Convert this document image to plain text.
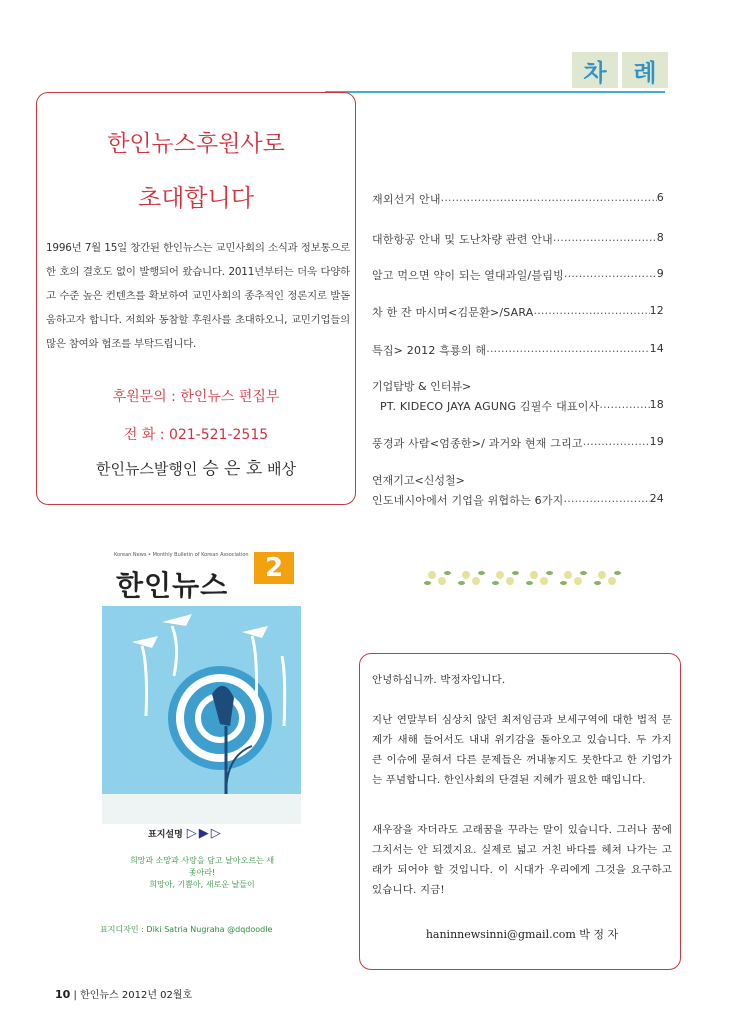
차	례
한인뉴스후원사로
초대합니다
1996년 7월 15일 창간된 한인뉴스는 교민사회의 소식과 정보통으로 한 호의 결호도 없이 발행되어 왔습니다. 2011년부터는 더욱 다양하고 수준 높은 컨텐츠를 확보하여 교민사회의 종추적인 정론지로 발돋움하고자 합니다. 저희와 동참할 후원사를 초대하오니, 교민기업들의 많은 참여와 협조를 부탁드립니다.
후원문의 : 한인뉴스 편집부
전 화 : 021-521-2515
한인뉴스발행인 승 은 호 배상
재외선거 안내 .....	6
대한항공 안내 및 도난차량 관련 안내 .....	8
알고 먹으면 약이 되는 열대과일/블림빙 .....	9
차 한 잔 마시며<김문환>/SARA .....	12
특집> 2012 흑룡의 해 .....	14
기업탐방 & 인터뷰>
PT. KIDECO JAYA AGUNG 김필수 대표이사 .....	18
풍경과 사람<엄종한>/ 과거와 현재 그리고 .....	19
연재기고<신성철>
인도네시아에서 기업을 위협하는 6가지 .....	24
Korean News • Monthly Bulletin of Korean Association
한인뉴스
2
표지설명 ▷▶▷
희망과 소망과 사랑을 담고 날아오르는 새
좇아라!
희망아, 기쁨아, 새로운 날들이
표지디자인 : Diki Satria Nugraha @dqdoodle
안녕하십니까. 박정자입니다.
지난 연말부터 심상치 않던 최저임금과 보세구역에 대한 법적 문제가 새해 들어서도 내내 위기감을 돌아오고 있습니다. 두 가지 큰 이슈에 묻혀서 다른 문제들은 꺼내놓지도 못한다고 한 기업가는 푸념합니다. 한인사회의 단결된 지혜가 필요한 때입니다.
새우잠을 자더라도 고래꿈을 꾸라는 말이 있습니다. 그러나 꿈에 그치서는 안 되겠지요. 실제로 넓고 거친 바다를 헤쳐 나가는 고래가 되어야 할 것입니다. 이 시대가 우리에게 그것을 요구하고 있습니다. 지금!
haninnewsinni@gmail.com 박 정 자
10 | 한인뉴스 2012년 02월호
